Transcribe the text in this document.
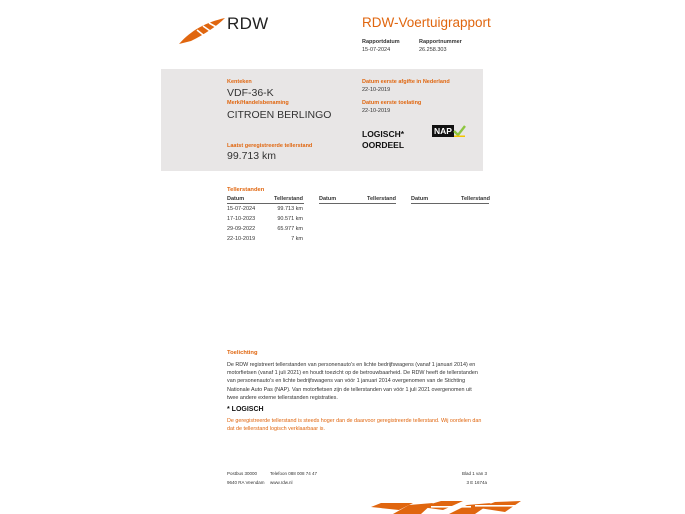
RDW	RDW-Voertuigrapport
Rapportdatum
15-07-2024
Rapportnummer
26.258.303
Kenteken
VDF-36-K
Merk/Handelsbenaming
CITROEN BERLINGO
Datum eerste afgifte in Nederland
22-10-2019
Datum eerste toelating
22-10-2019
LOGISCH*
OORDEEL
NAP
Laatst geregistreerde tellerstand
99.713 km
Tellerstanden
Datum	Tellerstand	Datum	Tellerstand	Datum	Tellerstand
15-07-2024	99.713 km
17-10-2023	90.571 km
29-09-2022	65.977 km
22-10-2019	7 km
Toelichting
De RDW registreert tellerstanden van personenauto's en lichte bedrijfswagens (vanaf 1 januari 2014) en
motorfietsen (vanaf 1 juli 2021) en houdt toezicht op de betrouwbaarheid. De RDW heeft de tellerstanden
van personenauto's en lichte bedrijfswagens van vóór 1 januari 2014 overgenomen van de Stichting
Nationale Auto Pas (NAP). Van motorfietsen zijn de tellerstanden van vóór 1 juli 2021 overgenomen uit
twee andere externe tellerstanden registraties.
* LOGISCH
De geregistreerde tellerstand is steeds hoger dan de daarvoor geregistreerde tellerstand. Wij oordelen dan
dat de tellerstand logisch verklaarbaar is.
Postbus 30000
9640 RA Veendam
Telefoon 088 008 74 47
www.rdw.nl
Blad 1 van 3
3 E 1674a
